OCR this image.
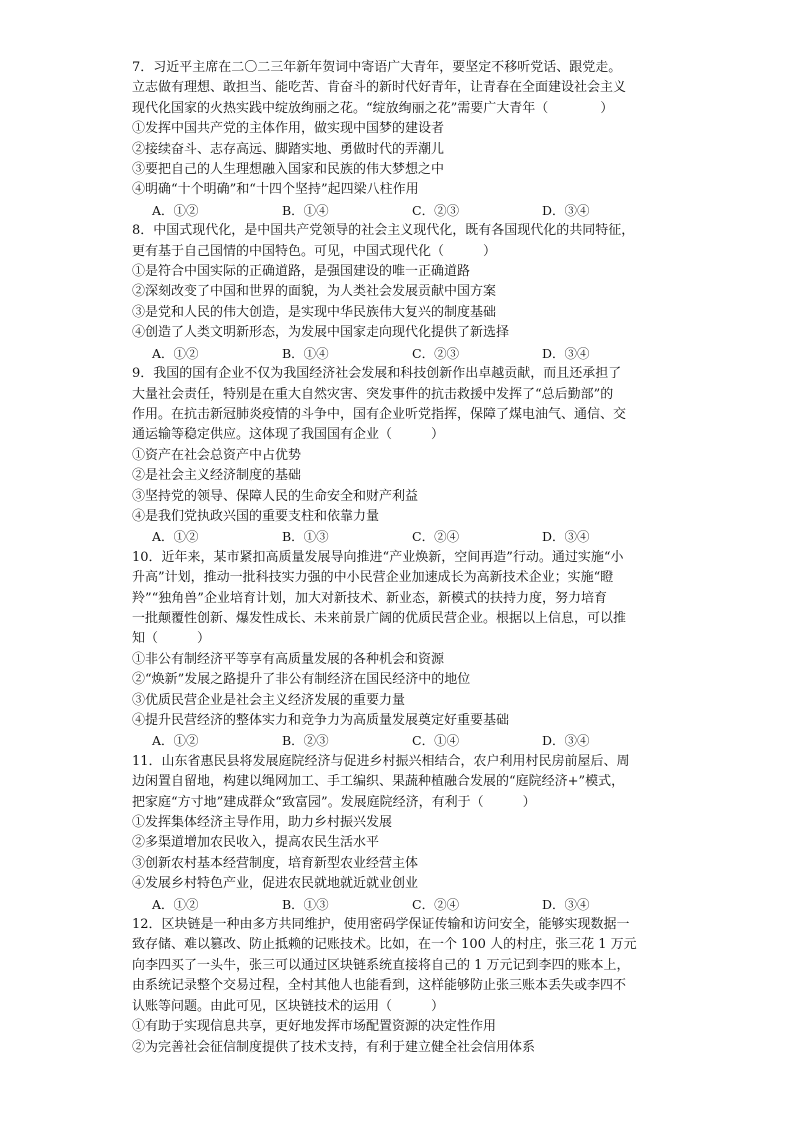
7．习近平主席在二〇二三年新年贺词中寄语广大青年，要坚定不移听党话、跟党走。
立志做有理想、敢担当、能吃苦、肯奋斗的新时代好青年，让青春在全面建设社会主义
现代化国家的火热实践中绽放绚丽之花。“绽放绚丽之花”需要广大青年（　　　　）
①发挥中国共产党的主体作用，做实现中国梦的建设者
②接续奋斗、志存高远、脚踏实地、勇做时代的弄潮儿
③要把自己的人生理想融入国家和民族的伟大梦想之中
④明确“十个明确”和“十四个坚持”起四梁八柱作用
A．①②	B．①④	C．②③	D．③④
8．中国式现代化，是中国共产党领导的社会主义现代化，既有各国现代化的共同特征，
更有基于自己国情的中国特色。可见，中国式现代化（　　　）
①是符合中国实际的正确道路，是强国建设的唯一正确道路
②深刻改变了中国和世界的面貌，为人类社会发展贡献中国方案
③是党和人民的伟大创造，是实现中华民族伟大复兴的制度基础
④创造了人类文明新形态，为发展中国家走向现代化提供了新选择
A．①②	B．①④	C．②③	D．③④
9．我国的国有企业不仅为我国经济社会发展和科技创新作出卓越贡献，而且还承担了
大量社会责任，特别是在重大自然灾害、突发事件的抗击救援中发挥了“总后勤部”的
作用。在抗击新冠肺炎疫情的斗争中，国有企业听党指挥，保障了煤电油气、通信、交
通运输等稳定供应。这体现了我国国有企业（　　　）
①资产在社会总资产中占优势
②是社会主义经济制度的基础
③坚持党的领导、保障人民的生命安全和财产利益
④是我们党执政兴国的重要支柱和依靠力量
A．①②	B．①③	C．②④	D．③④
10．近年来，某市紧扣高质量发展导向推进“产业焕新，空间再造”行动。通过实施“小
升高”计划，推动一批科技实力强的中小民营企业加速成长为高新技术企业；实施“瞪
羚”“独角兽”企业培育计划，加大对新技术、新业态，新模式的扶持力度，努力培育
一批颠覆性创新、爆发性成长、未来前景广阔的优质民营企业。根据以上信息，可以推
知（　　　）
①非公有制经济平等享有高质量发展的各种机会和资源
②“焕新”发展之路提升了非公有制经济在国民经济中的地位
③优质民营企业是社会主义经济发展的重要力量
④提升民营经济的整体实力和竞争力为高质量发展奠定好重要基础
A．①②	B．②③	C．①④	D．③④
11．山东省惠民县将发展庭院经济与促进乡村振兴相结合，农户利用村民房前屋后、周
边闲置自留地，构建以绳网加工、手工编织、果蔬种植融合发展的“庭院经济+”模式，
把家庭“方寸地”建成群众“致富园”。发展庭院经济，有利于（　　　）
①发挥集体经济主导作用，助力乡村振兴发展
②多渠道增加农民收入，提高农民生活水平
③创新农村基本经营制度，培育新型农业经营主体
④发展乡村特色产业，促进农民就地就近就业创业
A．①②	B．①③	C．②④	D．③④
12．区块链是一种由多方共同维护，使用密码学保证传输和访问安全，能够实现数据一
致存储、难以篡改、防止抵赖的记账技术。比如，在一个 100 人的村庄，张三花 1 万元
向李四买了一头牛，张三可以通过区块链系统直接将自己的 1 万元记到李四的账本上，
由系统记录整个交易过程，全村其他人也能看到，这样能够防止张三账本丢失或李四不
认账等问题。由此可见，区块链技术的运用（　　　）
①有助于实现信息共享，更好地发挥市场配置资源的决定性作用
②为完善社会征信制度提供了技术支持，有利于建立健全社会信用体系
